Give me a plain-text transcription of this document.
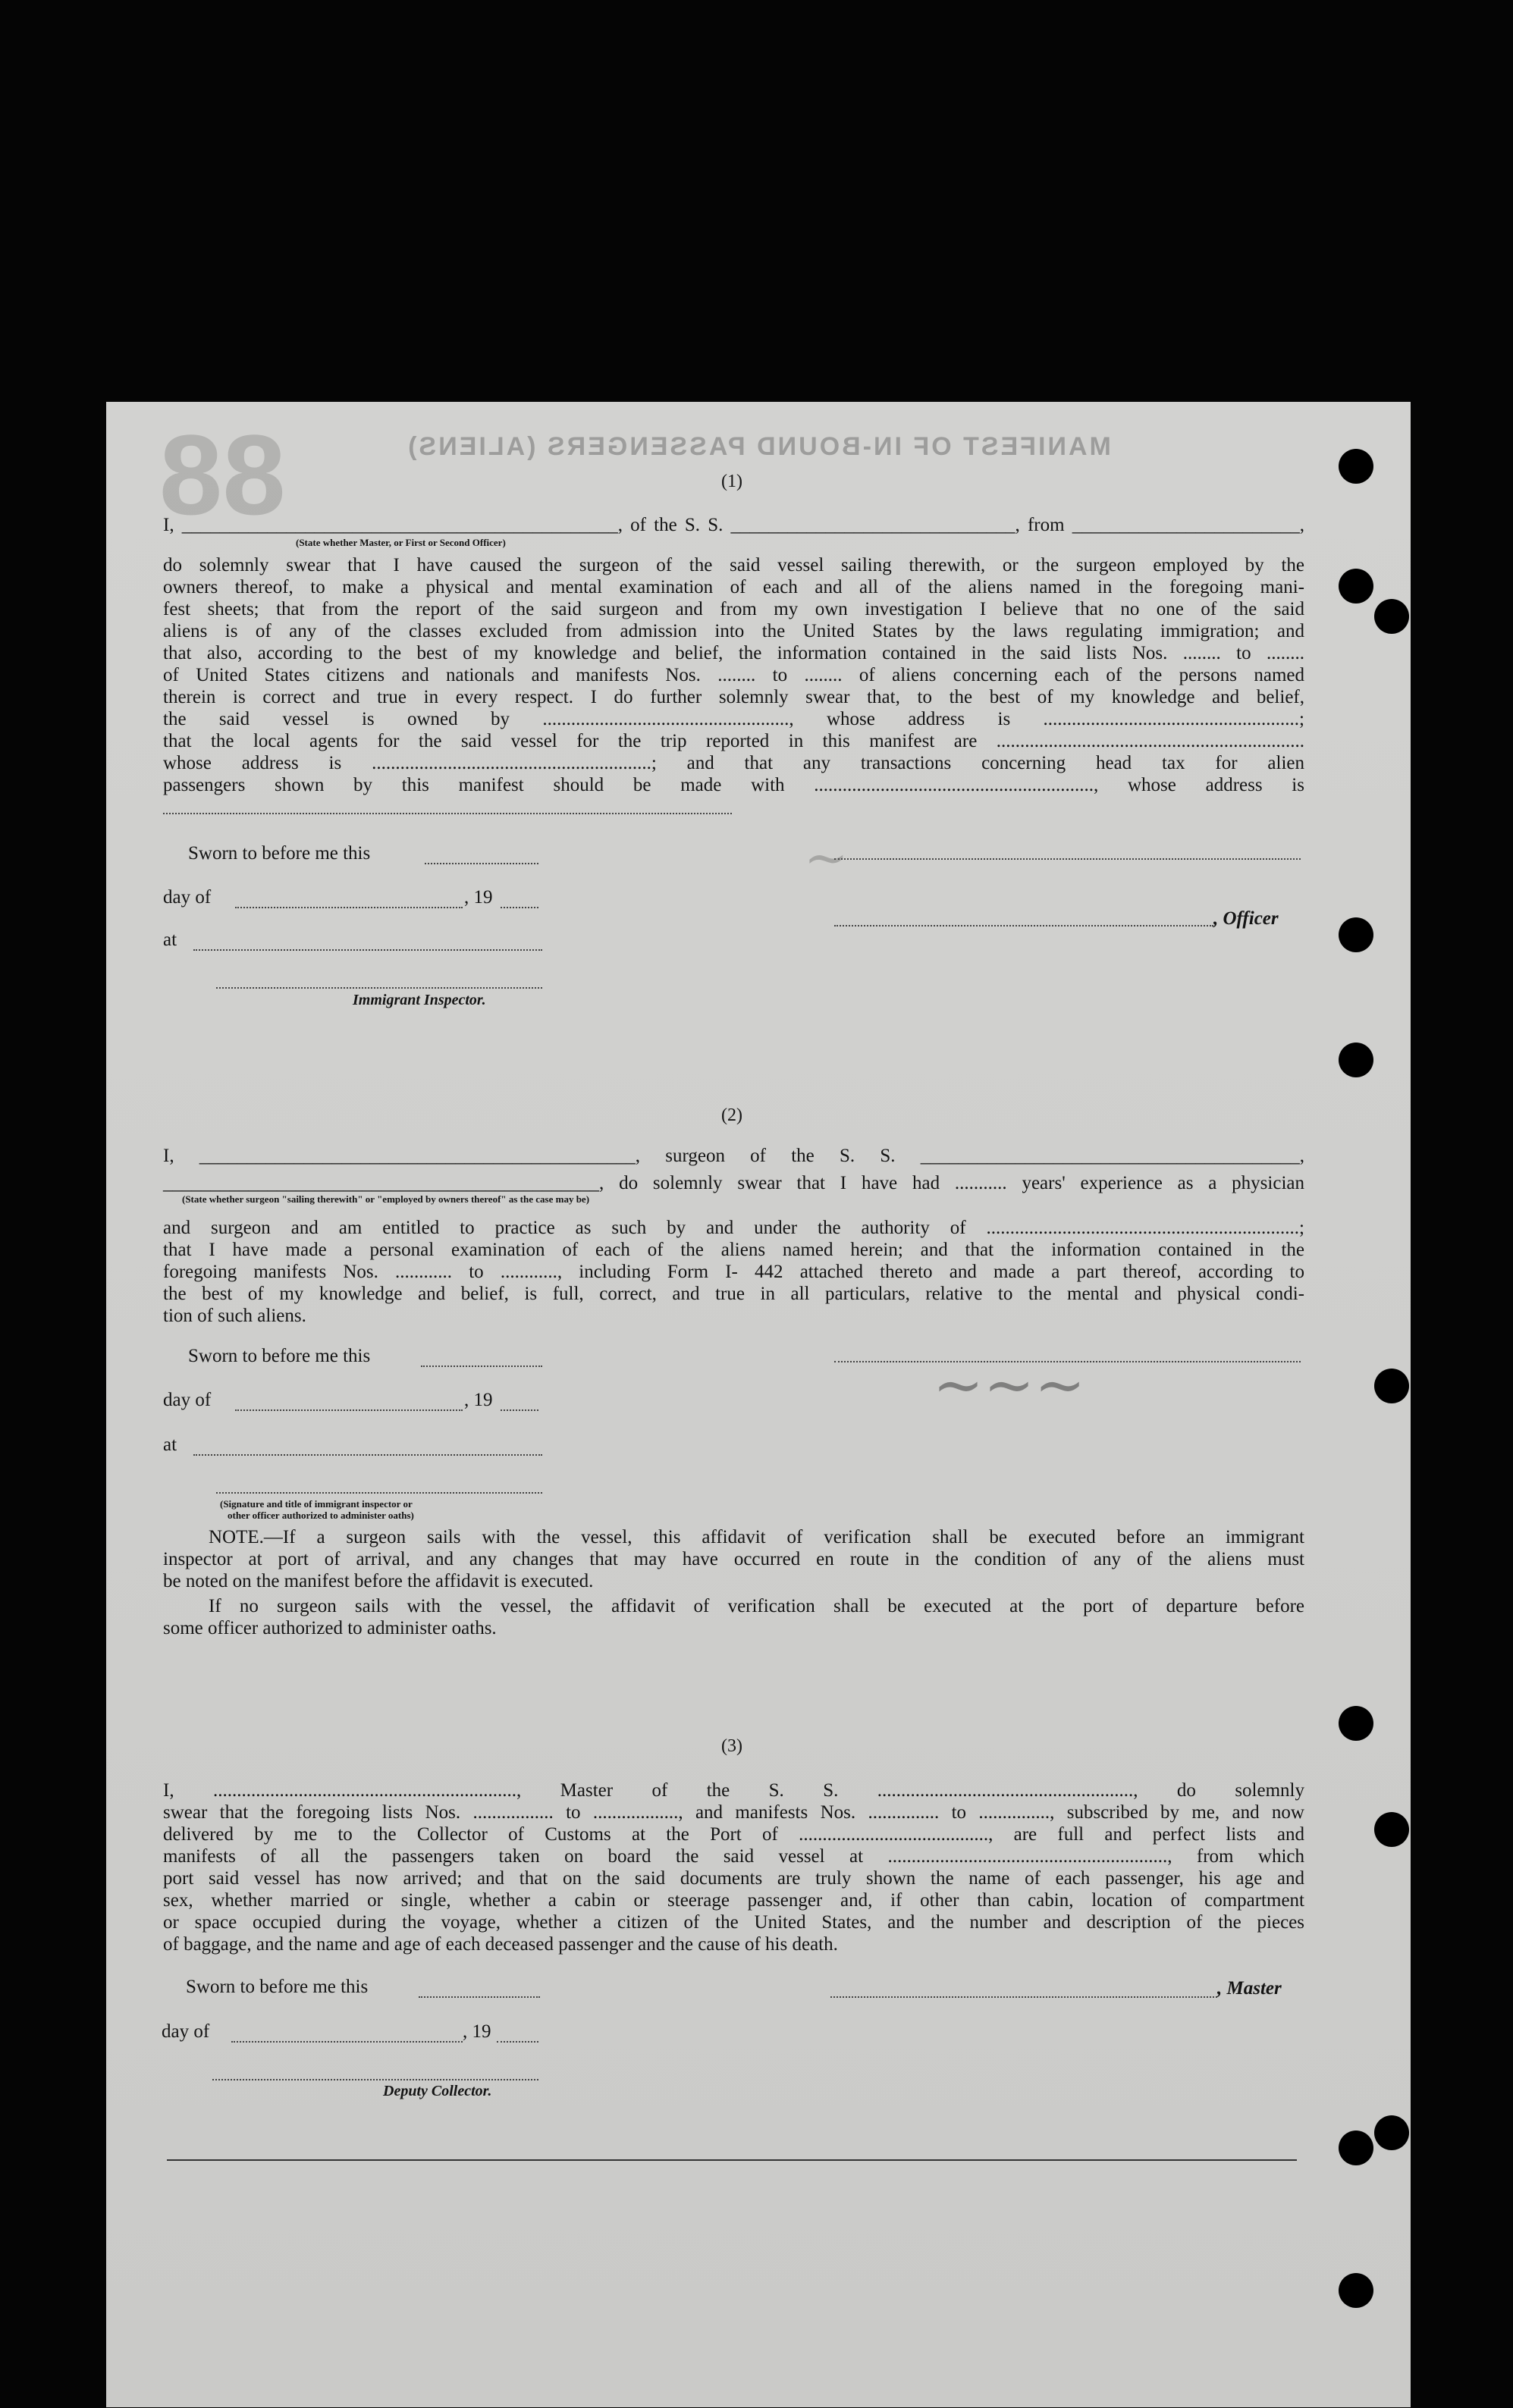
88	MANIFEST OF IN-BOUND PASSENGERS (ALIENS)
~
~~~
(1)
I, ______________________________________________, of the S. S. ______________________________, from ________________________,
(State whether Master, or First or Second Officer)
do solemnly swear that I have caused the surgeon of the said vessel sailing therewith, or the surgeon employed by the
owners thereof, to make a physical and mental examination of each and all of the aliens named in the foregoing mani-
fest sheets; that from the report of the said surgeon and from my own investigation I believe that no one of the said
aliens is of any of the classes excluded from admission into the United States by the laws regulating immigration; and
that also, according to the best of my knowledge and belief, the information contained in the said lists Nos. ........ to ........
of United States citizens and nationals and manifests Nos. ........ to ........ of aliens concerning each of the persons named
therein is correct and true in every respect. I do further solemnly swear that, to the best of my knowledge and belief,
the said vessel is owned by ...................................................., whose address is ......................................................;
that the local agents for the said vessel for the trip reported in this manifest are .................................................................
whose address is ...........................................................; and that any transactions concerning head tax for alien
passengers shown by this manifest should be made with ..........................................................., whose address is
Sworn to before me this
day of	, 19
, Officer
at
Immigrant Inspector.
(2)
I, ______________________________________________, surgeon of the S. S. ________________________________________,
______________________________________________, do solemnly swear that I have had ........... years' experience as a physician
(State whether surgeon "sailing therewith" or "employed by owners thereof" as the case may be)
and surgeon and am entitled to practice as such by and under the authority of ..................................................................;
that I have made a personal examination of each of the aliens named herein; and that the information contained in the
foregoing manifests Nos. ............ to ............, including Form I- 442 attached thereto and made a part thereof, according to
the best of my knowledge and belief, is full, correct, and true in all particulars, relative to the mental and physical condi-
tion of such aliens.
Sworn to before me this
day of	, 19
at
(Signature and title of immigrant inspector or
other officer authorized to administer oaths)
NOTE.—If a surgeon sails with the vessel, this affidavit of verification shall be executed before an immigrant
inspector at port of arrival, and any changes that may have occurred en route in the condition of any of the aliens must
be noted on the manifest before the affidavit is executed.
If no surgeon sails with the vessel, the affidavit of verification shall be executed at the port of departure before
some officer authorized to administer oaths.
(3)
I, ................................................................, Master of the S. S. ......................................................, do solemnly
swear that the foregoing lists Nos. ................. to .................., and manifests Nos. ............... to ..............., subscribed by me, and now
delivered by me to the Collector of Customs at the Port of ........................................, are full and perfect lists and
manifests of all the passengers taken on board the said vessel at ..........................................................., from which
port said vessel has now arrived; and that on the said documents are truly shown the name of each passenger, his age and
sex, whether married or single, whether a cabin or steerage passenger and, if other than cabin, location of compartment
or space occupied during the voyage, whether a citizen of the United States, and the number and description of the pieces
of baggage, and the name and age of each deceased passenger and the cause of his death.
Sworn to before me this	, Master
day of	, 19
Deputy Collector.
